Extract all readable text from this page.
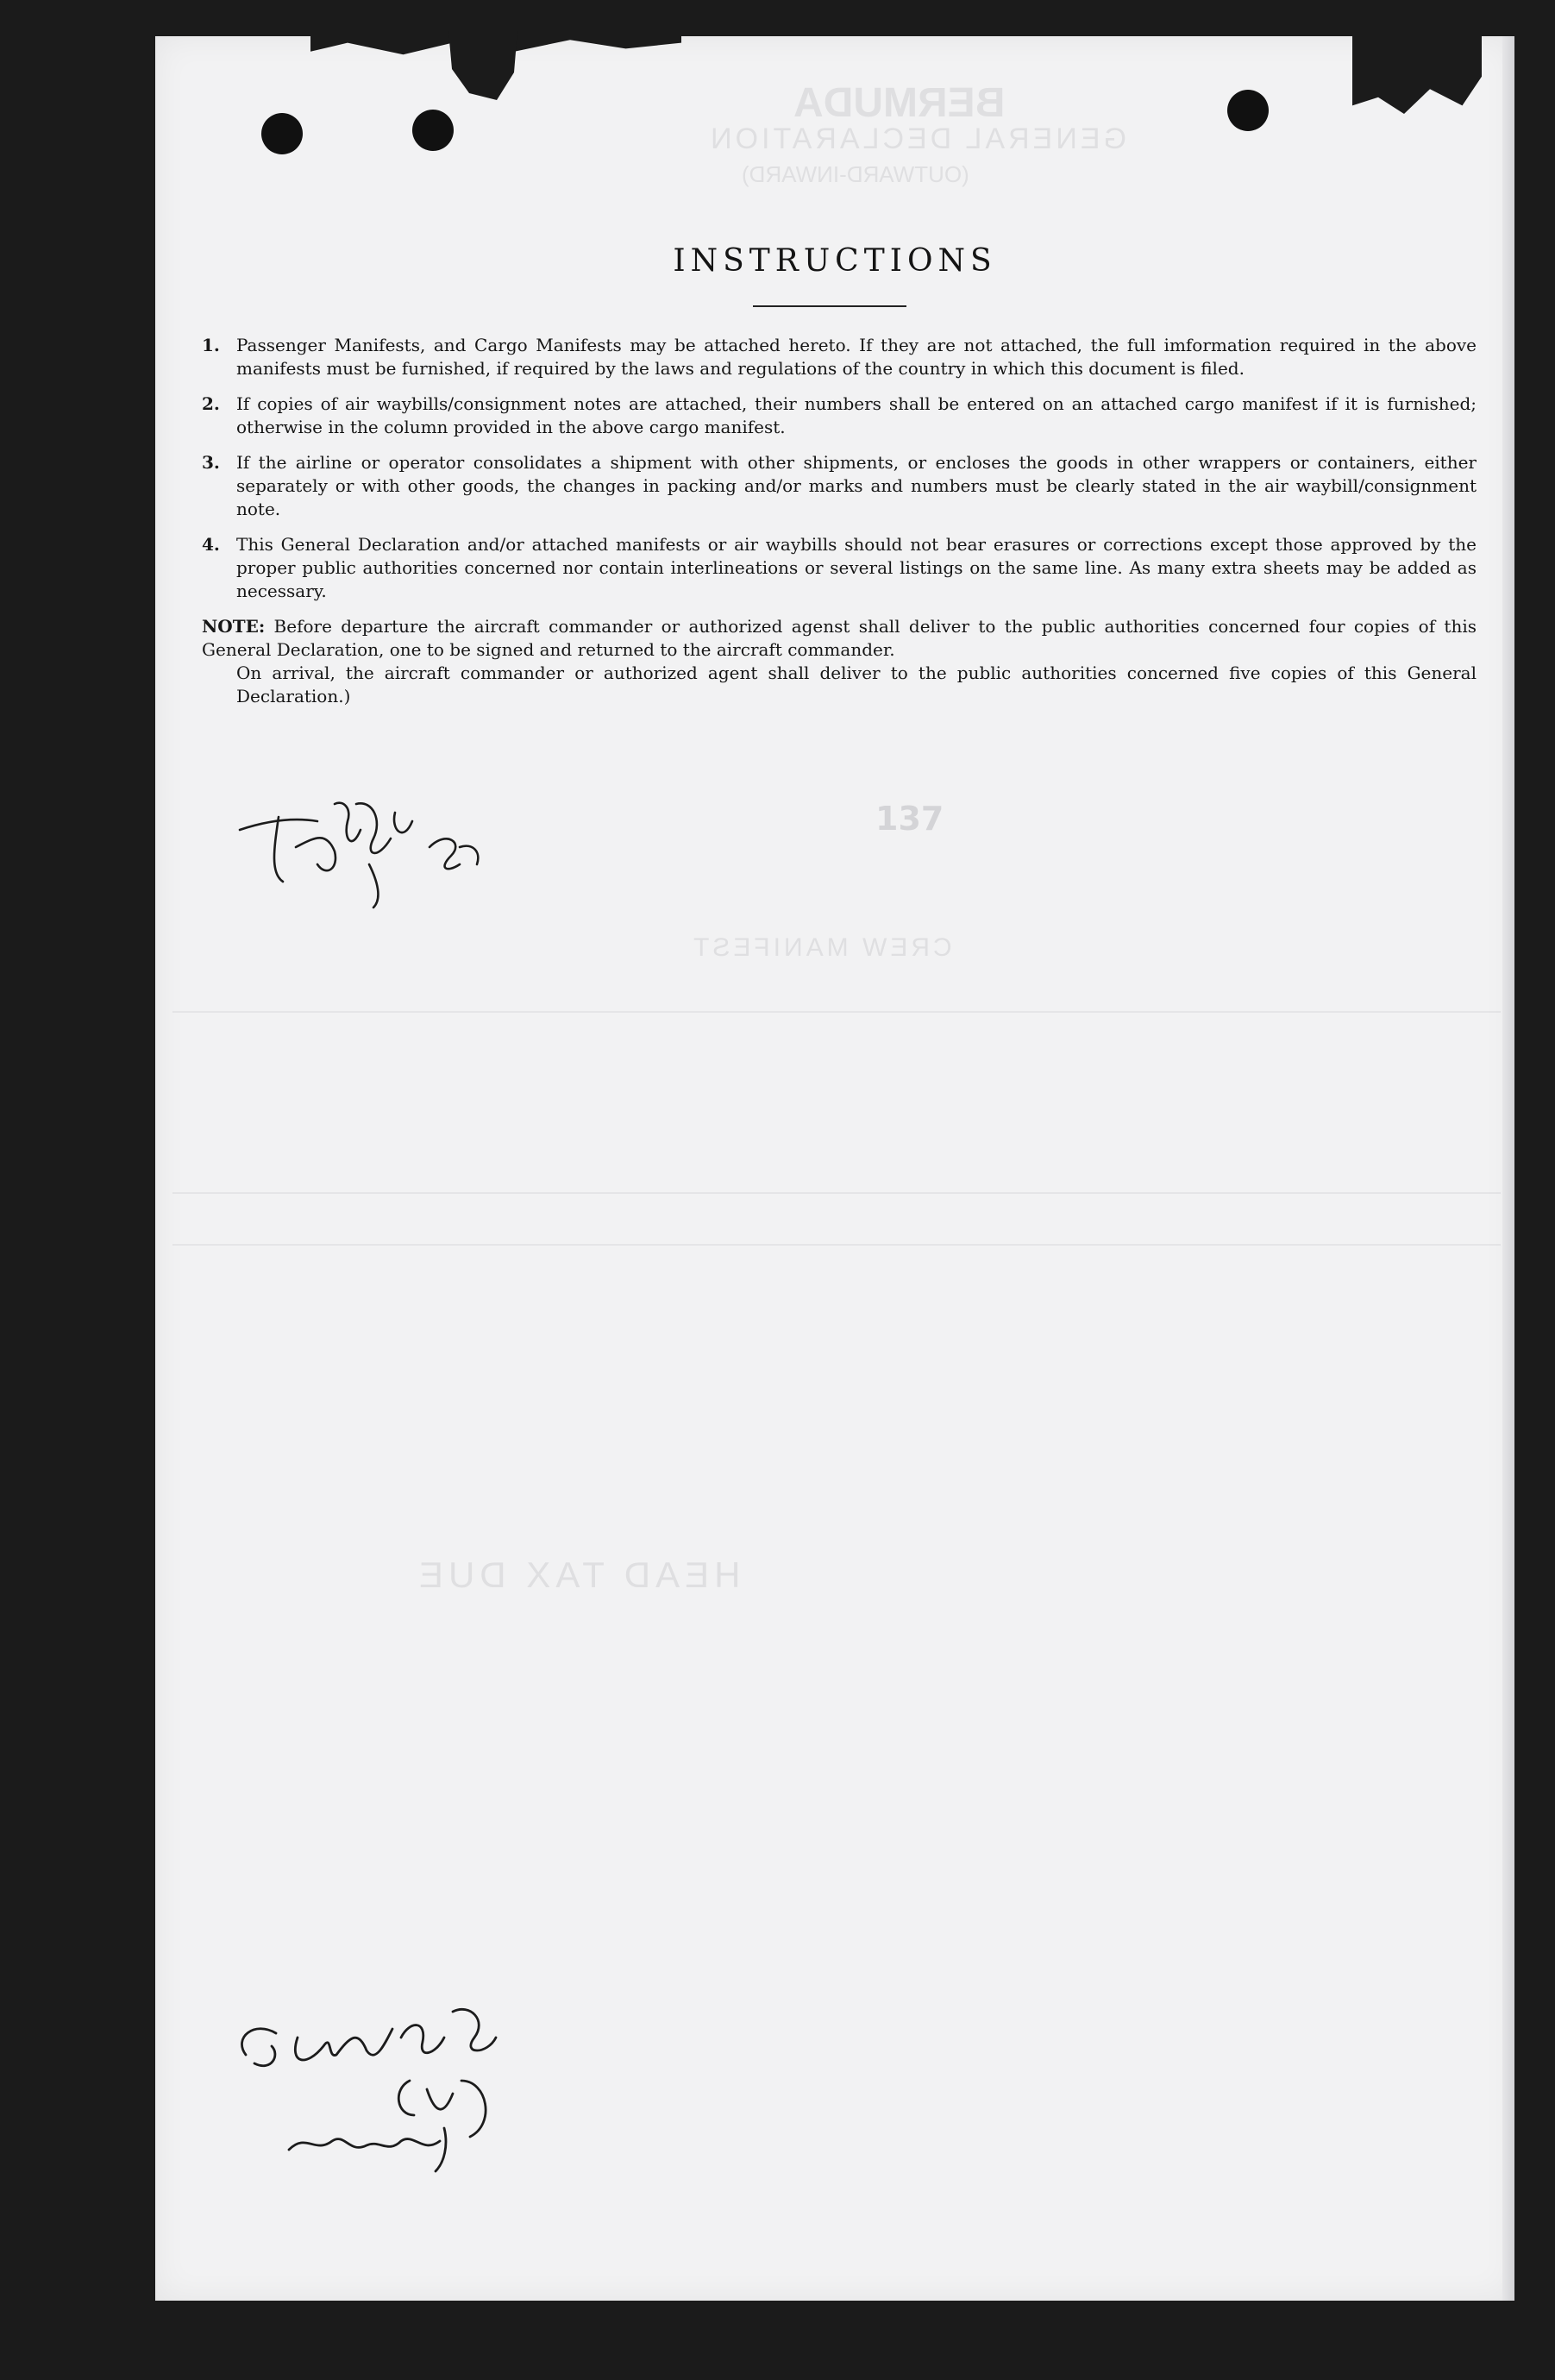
BERMUDA
GENERAL DECLARATION
(OUTWARD-INWARD)
HEAD TAX DUE
CREW MANIFEST
137
INSTRUCTIONS
1. Passenger Manifests, and Cargo Manifests may be attached hereto. If they are not attached, the full imformation required in the above manifests must be furnished, if required by the laws and regulations of the country in which this document is filed.
2. If copies of air waybills/consignment notes are attached, their numbers shall be entered on an attached cargo manifest if it is furnished; otherwise in the column provided in the above cargo manifest.
3. If the airline or operator consolidates a shipment with other shipments, or encloses the goods in other wrappers or containers, either separately or with other goods, the changes in packing and/or marks and numbers must be clearly stated in the air waybill/consignment note.
4. This General Declaration and/or attached manifests or air waybills should not bear erasures or corrections except those approved by the proper public authorities concerned nor contain interlineations or several listings on the same line. As many extra sheets may be added as necessary.
NOTE: Before departure the aircraft commander or authorized agenst shall deliver to the public authorities concerned four copies of this General Declaration, one to be signed and returned to the aircraft commander.
On arrival, the aircraft commander or authorized agent shall deliver to the public authorities concerned five copies of this General Declaration.)
